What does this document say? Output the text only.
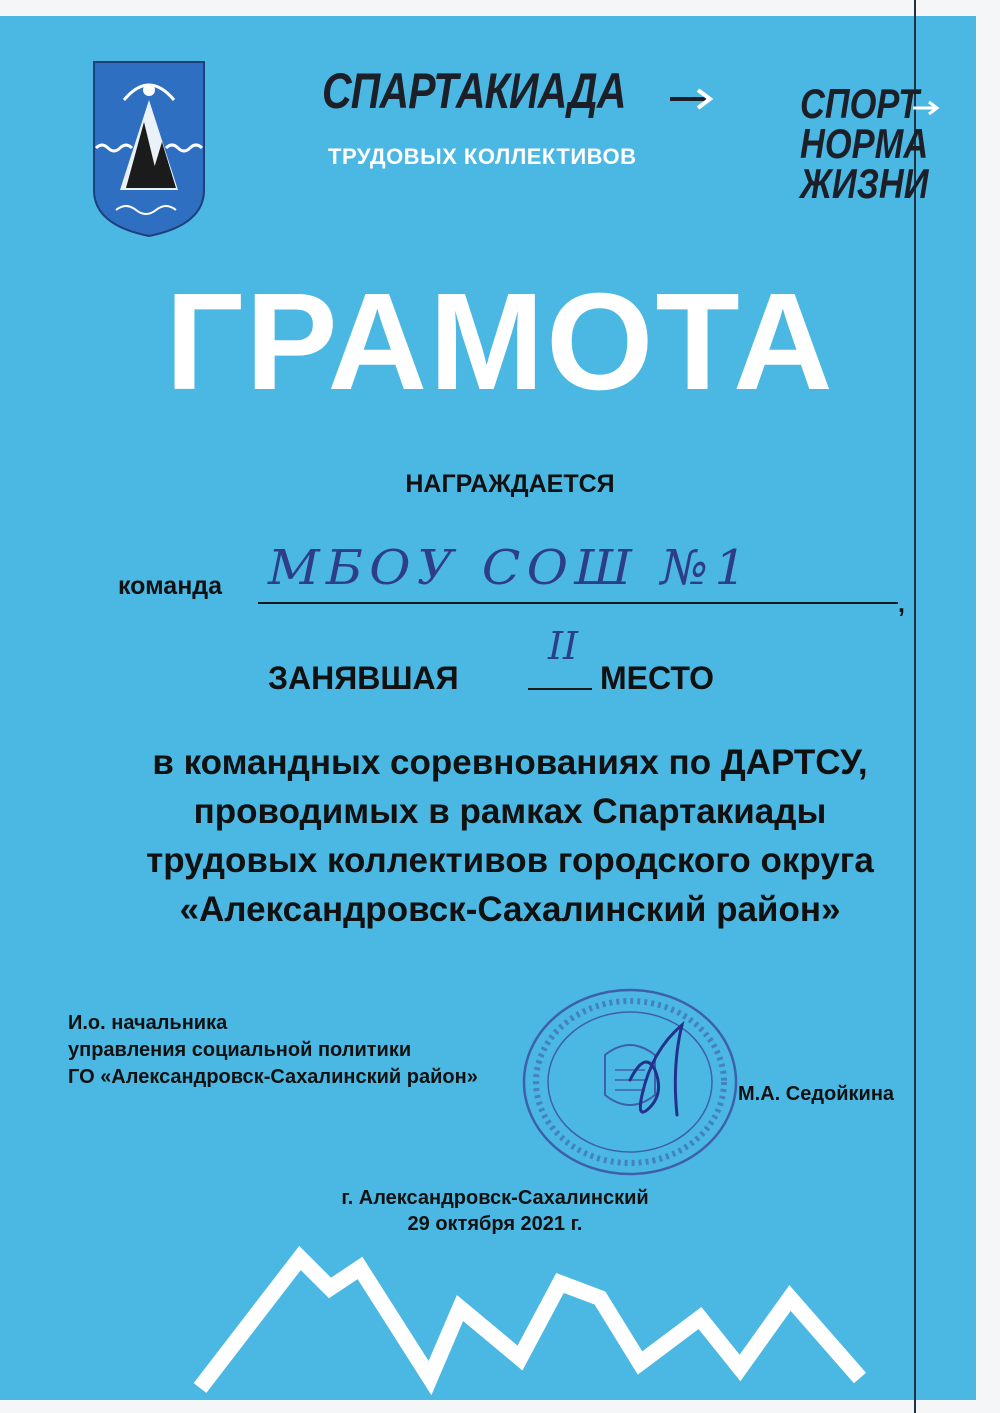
СПАРТАКИАДА
ТРУДОВЫХ КОЛЛЕКТИВОВ
СПОРТ
НОРМА
ЖИЗНИ
ГРАМОТА
НАГРАЖДАЕТСЯ
команда МБОУ СОШ №1
,
ЗАНЯВШАЯ
II
МЕСТО
в командных соревнованиях по ДАРТСУ,
проводимых в рамках Спартакиады
трудовых коллективов городского округа
«Александровск-Сахалинский район»
И.о. начальника
управления социальной политики
ГО «Александровск-Сахалинский район»
М.А. Седойкина
г. Александровск-Сахалинский
29 октября 2021 г.
